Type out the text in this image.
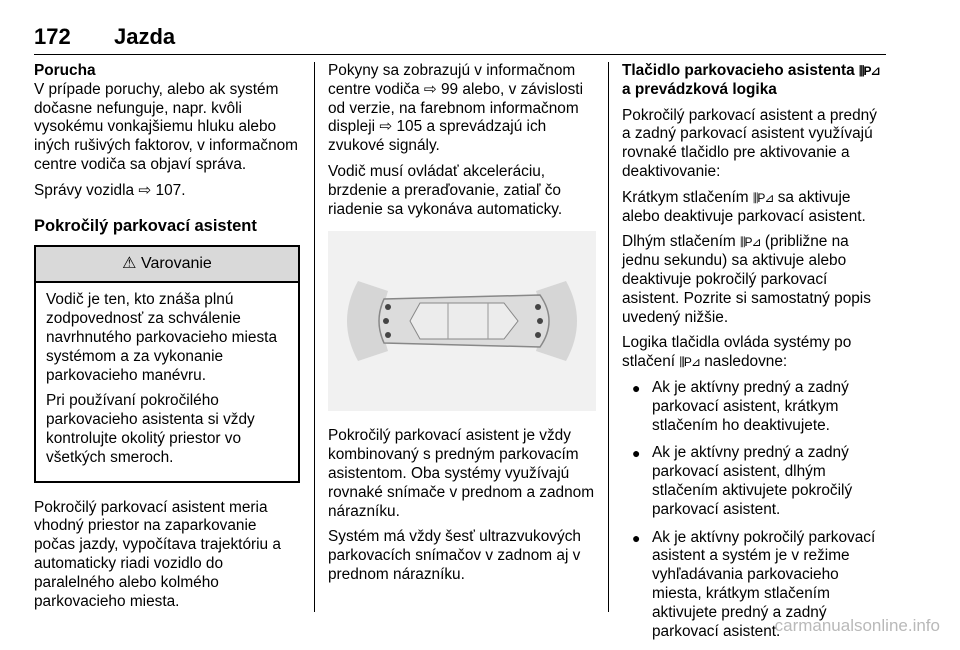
172 Jazda
Porucha

V prípade poruchy, alebo ak systém dočasne nefunguje, napr. kvôli vysokému vonkajšiemu hluku alebo iných rušivých faktorov, v informačnom centre vodiča sa objaví správa.

Správy vozidla ⇨ 107.

Pokročilý parkovací asistent
⚠ Varovanie

Vodič je ten, kto znáša plnú zodpovednosť za schválenie navrhnutého parkovacieho miesta systémom a za vykonanie parkovacieho manévru.

Pri používaní pokročilého parkovacieho asistenta si vždy kontrolujte okolitý priestor vo všetkých smeroch.

Pokročilý parkovací asistent meria vhodný priestor na zaparkovanie počas jazdy, vypočítava trajektóriu a automaticky riadi vozidlo do paralelného alebo kolmého parkovacieho miesta.

Pokyny sa zobrazujú v informačnom centre vodiča ⇨ 99 alebo, v závislosti od verzie, na farebnom informačnom displeji ⇨ 105 a sprevádzajú ich zvukové signály.

Vodič musí ovládať akceleráciu, brzdenie a preraďovanie, zatiaľ čo riadenie sa vykonáva automaticky.

Pokročilý parkovací asistent je vždy kombinovaný s predným parkovacím asistentom. Oba systémy využívajú rovnaké snímače v prednom a zadnom nárazníku.

Systém má vždy šesť ultrazvukových parkovacích snímačov v zadnom aj v prednom nárazníku.

Tlačidlo parkovacieho asistenta ⫼P⊿ a prevádzková logika

Pokročilý parkovací asistent a predný a zadný parkovací asistent využívajú rovnaké tlačidlo pre aktivovanie a deaktivovanie:

Krátkym stlačením ⫼P⊿ sa aktivuje alebo deaktivuje parkovací asistent.

Dlhým stlačením ⫼P⊿ (približne na jednu sekundu) sa aktivuje alebo deaktivuje pokročilý parkovací asistent. Pozrite si samostatný popis uvedený nižšie.

Logika tlačidla ovláda systémy po stlačení ⫼P⊿ nasledovne:

● Ak je aktívny predný a zadný parkovací asistent, krátkym stlačením ho deaktivujete.
● Ak je aktívny predný a zadný parkovací asistent, dlhým stlačením aktivujete pokročilý parkovací asistent.
● Ak je aktívny pokročilý parkovací asistent a systém je v režime vyhľadávania parkovacieho miesta, krátkym stlačením aktivujete predný a zadný parkovací asistent.
carmanualsonline.info
